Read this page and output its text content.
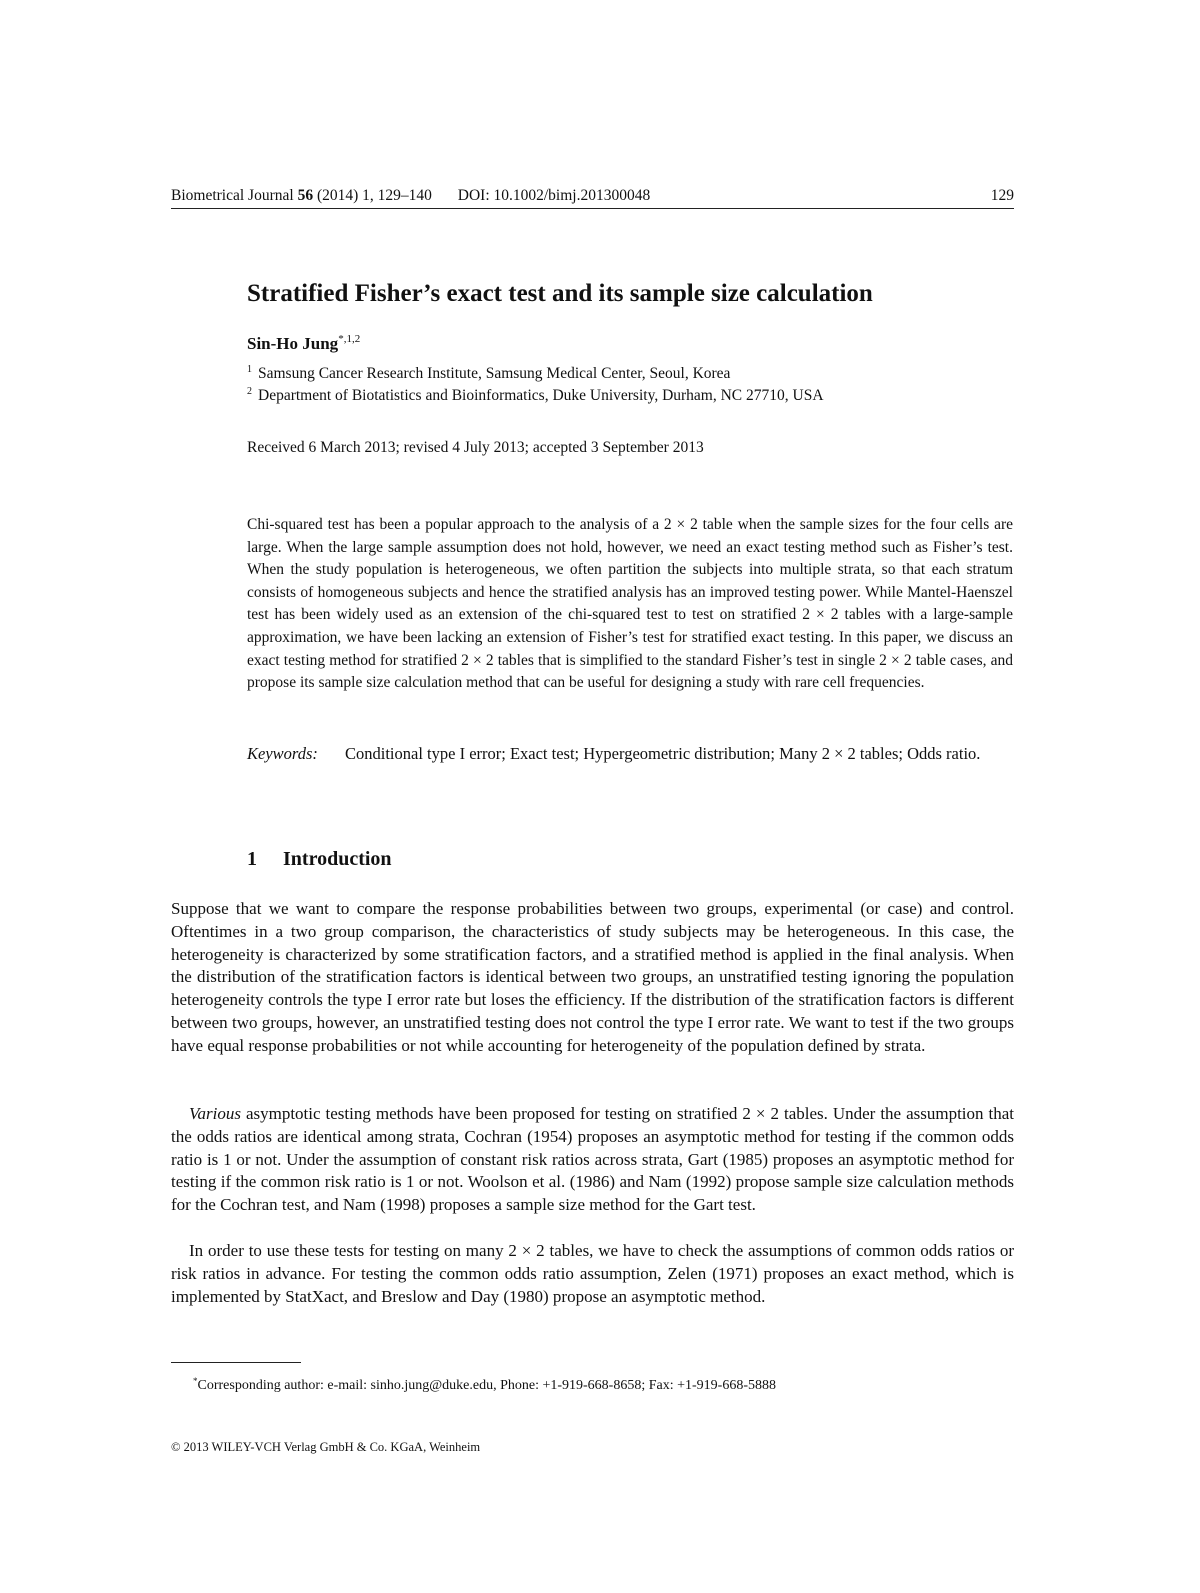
Biometrical Journal 56 (2014) 1, 129–140 DOI: 10.1002/bimj.201300048	129
Stratified Fisher’s exact test and its sample size calculation
Sin-Ho Jung$^{*,1,2}$
$^1$ Samsung Cancer Research Institute, Samsung Medical Center, Seoul, Korea
$^2$ Department of Biotatistics and Bioinformatics, Duke University, Durham, NC 27710, USA
Received 6 March 2013; revised 4 July 2013; accepted 3 September 2013

Chi-squared test has been a popular approach to the analysis of a 2 × 2 table when the sample sizes for the four cells are large. When the large sample assumption does not hold, however, we need an exact testing method such as Fisher’s test. When the study population is heterogeneous, we often partition the subjects into multiple strata, so that each stratum consists of homogeneous subjects and hence the stratified analysis has an improved testing power. While Mantel-Haenszel test has been widely used as an extension of the chi-squared test to test on stratified 2 × 2 tables with a large-sample approximation, we have been lacking an extension of Fisher’s test for stratified exact testing. In this paper, we discuss an exact testing method for stratified 2 × 2 tables that is simplified to the standard Fisher’s test in single 2 × 2 table cases, and propose its sample size calculation method that can be useful for designing a study with rare cell frequencies.

Keywords:	Conditional type I error; Exact test; Hypergeometric distribution; Many 2 × 2 tables; Odds ratio.
1 Introduction

Suppose that we want to compare the response probabilities between two groups, experimental (or case) and control. Oftentimes in a two group comparison, the characteristics of study subjects may be heterogeneous. In this case, the heterogeneity is characterized by some stratification factors, and a stratified method is applied in the final analysis. When the distribution of the stratification factors is identical between two groups, an unstratified testing ignoring the population heterogeneity controls the type I error rate but loses the efficiency. If the distribution of the stratification factors is different between two groups, however, an unstratified testing does not control the type I error rate. We want to test if the two groups have equal response probabilities or not while accounting for heterogeneity of the population defined by strata.

Various asymptotic testing methods have been proposed for testing on stratified 2 × 2 tables. Under the assumption that the odds ratios are identical among strata, Cochran (1954) proposes an asymptotic method for testing if the common odds ratio is 1 or not. Under the assumption of constant risk ratios across strata, Gart (1985) proposes an asymptotic method for testing if the common risk ratio is 1 or not. Woolson et al. (1986) and Nam (1992) propose sample size calculation methods for the Cochran test, and Nam (1998) proposes a sample size method for the Gart test.

In order to use these tests for testing on many 2 × 2 tables, we have to check the assumptions of common odds ratios or risk ratios in advance. For testing the common odds ratio assumption, Zelen (1971) proposes an exact method, which is implemented by StatXact, and Breslow and Day (1980) propose an asymptotic method.

*Corresponding author: e-mail: sinho.jung@duke.edu, Phone: +1-919-668-8658; Fax: +1-919-668-5888
© 2013 WILEY-VCH Verlag GmbH & Co. KGaA, Weinheim
